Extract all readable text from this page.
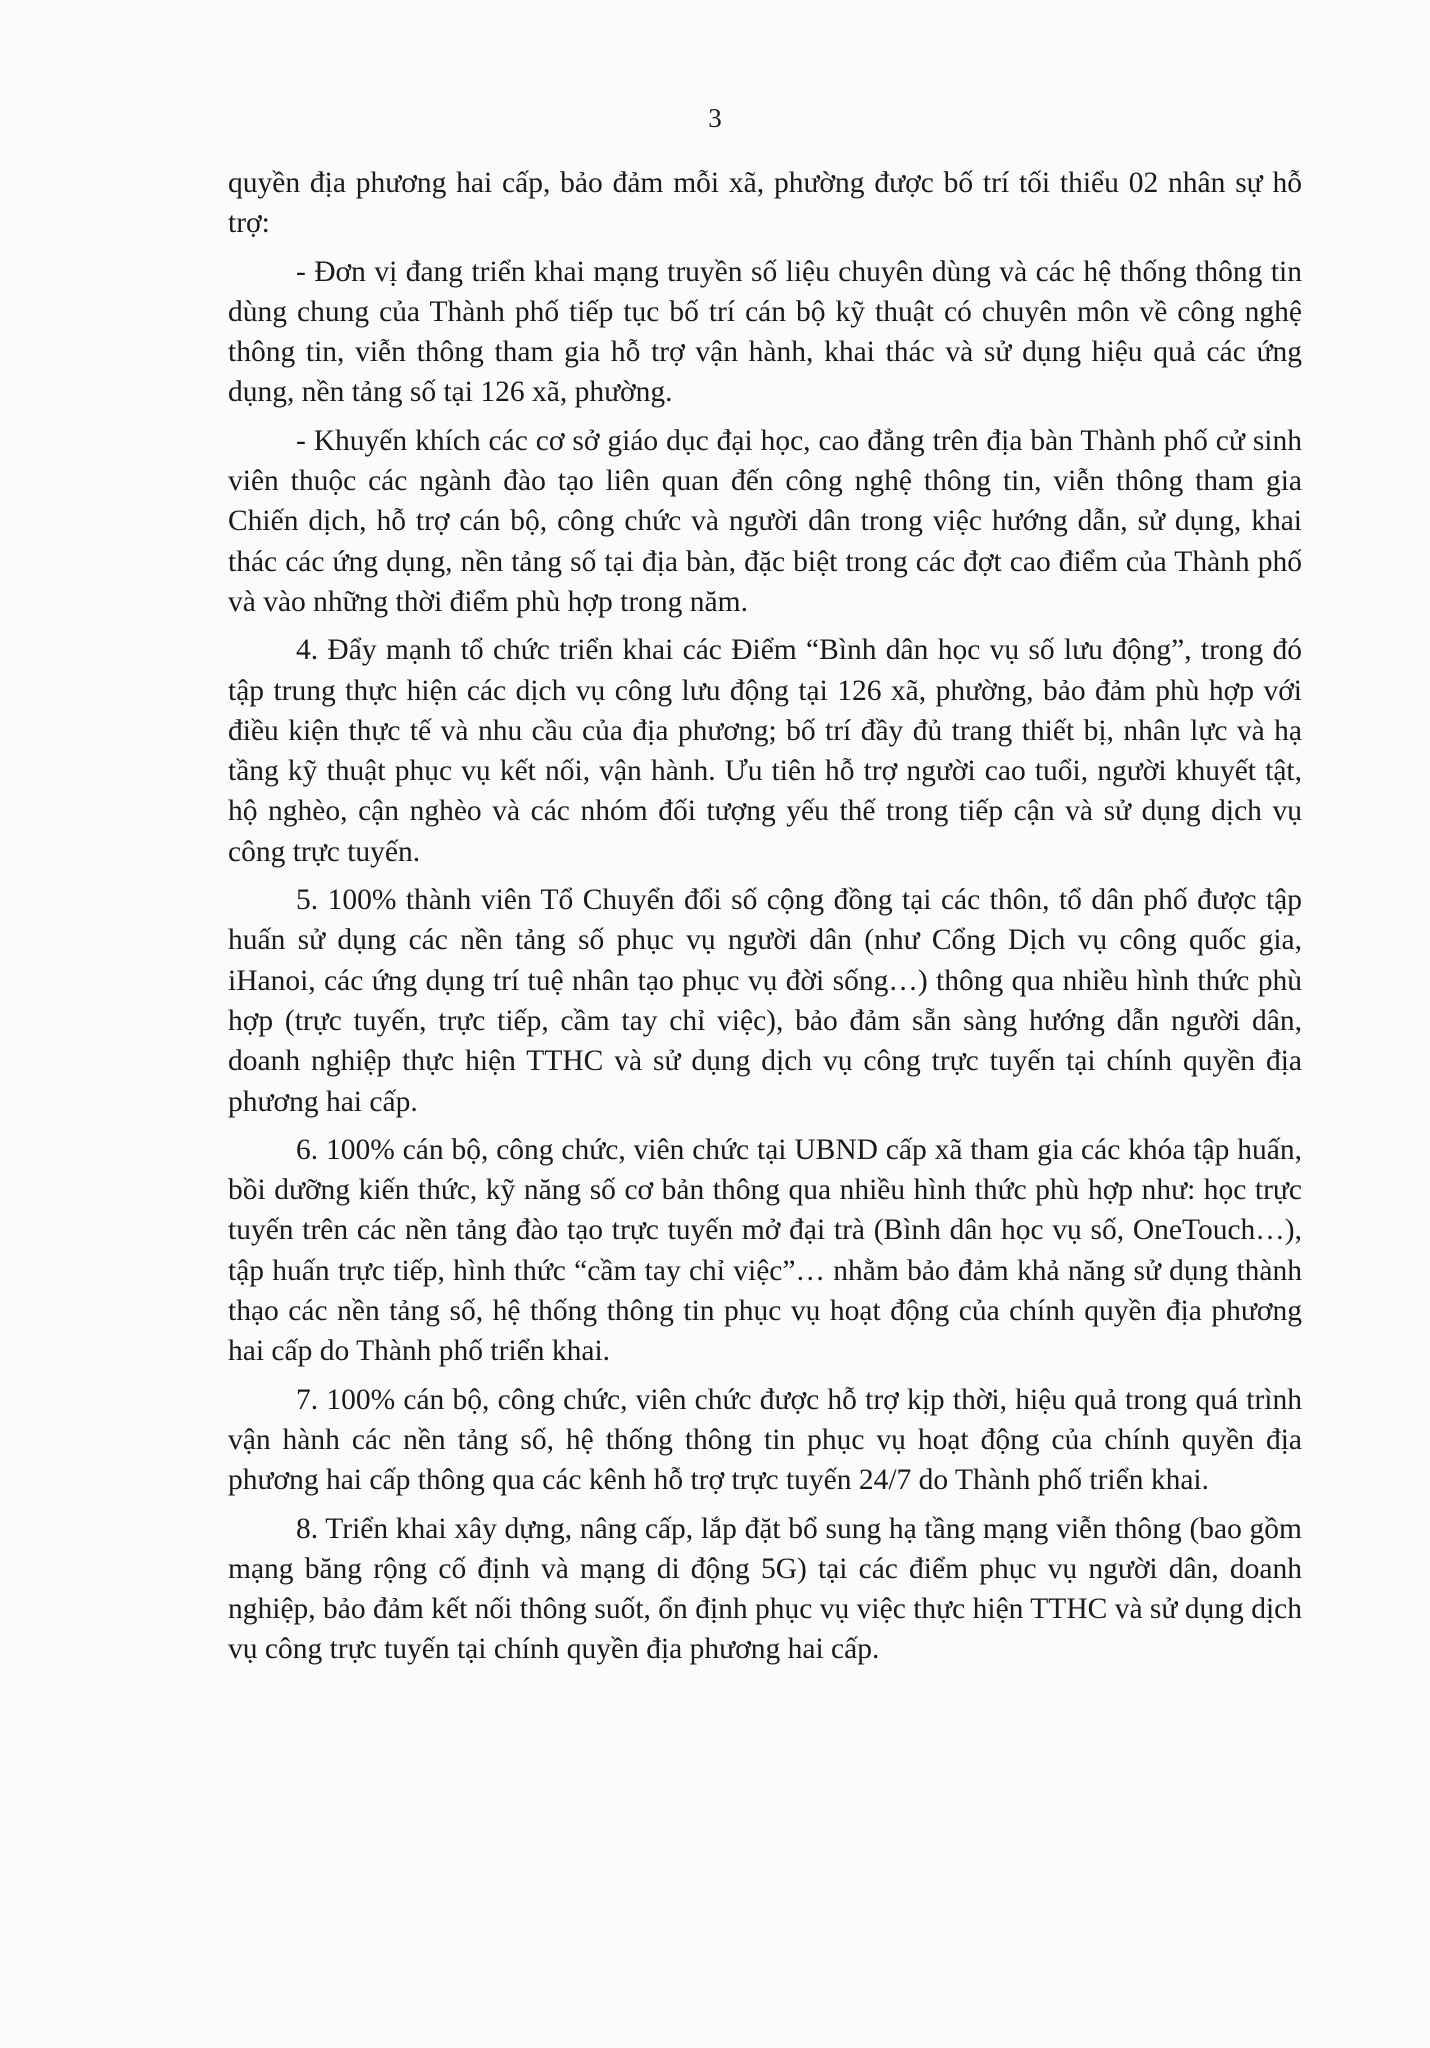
3

quyền địa phương hai cấp, bảo đảm mỗi xã, phường được bố trí tối thiểu 02 nhân sự hỗ trợ:

- Đơn vị đang triển khai mạng truyền số liệu chuyên dùng và các hệ thống thông tin dùng chung của Thành phố tiếp tục bố trí cán bộ kỹ thuật có chuyên môn về công nghệ thông tin, viễn thông tham gia hỗ trợ vận hành, khai thác và sử dụng hiệu quả các ứng dụng, nền tảng số tại 126 xã, phường.

- Khuyến khích các cơ sở giáo dục đại học, cao đẳng trên địa bàn Thành phố cử sinh viên thuộc các ngành đào tạo liên quan đến công nghệ thông tin, viễn thông tham gia Chiến dịch, hỗ trợ cán bộ, công chức và người dân trong việc hướng dẫn, sử dụng, khai thác các ứng dụng, nền tảng số tại địa bàn, đặc biệt trong các đợt cao điểm của Thành phố và vào những thời điểm phù hợp trong năm.

4. Đẩy mạnh tổ chức triển khai các Điểm “Bình dân học vụ số lưu động”, trong đó tập trung thực hiện các dịch vụ công lưu động tại 126 xã, phường, bảo đảm phù hợp với điều kiện thực tế và nhu cầu của địa phương; bố trí đầy đủ trang thiết bị, nhân lực và hạ tầng kỹ thuật phục vụ kết nối, vận hành. Ưu tiên hỗ trợ người cao tuổi, người khuyết tật, hộ nghèo, cận nghèo và các nhóm đối tượng yếu thế trong tiếp cận và sử dụng dịch vụ công trực tuyến.

5. 100% thành viên Tổ Chuyển đổi số cộng đồng tại các thôn, tổ dân phố được tập huấn sử dụng các nền tảng số phục vụ người dân (như Cổng Dịch vụ công quốc gia, iHanoi, các ứng dụng trí tuệ nhân tạo phục vụ đời sống…) thông qua nhiều hình thức phù hợp (trực tuyến, trực tiếp, cầm tay chỉ việc), bảo đảm sẵn sàng hướng dẫn người dân, doanh nghiệp thực hiện TTHC và sử dụng dịch vụ công trực tuyến tại chính quyền địa phương hai cấp.

6. 100% cán bộ, công chức, viên chức tại UBND cấp xã tham gia các khóa tập huấn, bồi dưỡng kiến thức, kỹ năng số cơ bản thông qua nhiều hình thức phù hợp như: học trực tuyến trên các nền tảng đào tạo trực tuyến mở đại trà (Bình dân học vụ số, OneTouch…), tập huấn trực tiếp, hình thức “cầm tay chỉ việc”… nhằm bảo đảm khả năng sử dụng thành thạo các nền tảng số, hệ thống thông tin phục vụ hoạt động của chính quyền địa phương hai cấp do Thành phố triển khai.

7. 100% cán bộ, công chức, viên chức được hỗ trợ kịp thời, hiệu quả trong quá trình vận hành các nền tảng số, hệ thống thông tin phục vụ hoạt động của chính quyền địa phương hai cấp thông qua các kênh hỗ trợ trực tuyến 24/7 do Thành phố triển khai.

8. Triển khai xây dựng, nâng cấp, lắp đặt bổ sung hạ tầng mạng viễn thông (bao gồm mạng băng rộng cố định và mạng di động 5G) tại các điểm phục vụ người dân, doanh nghiệp, bảo đảm kết nối thông suốt, ổn định phục vụ việc thực hiện TTHC và sử dụng dịch vụ công trực tuyến tại chính quyền địa phương hai cấp.
